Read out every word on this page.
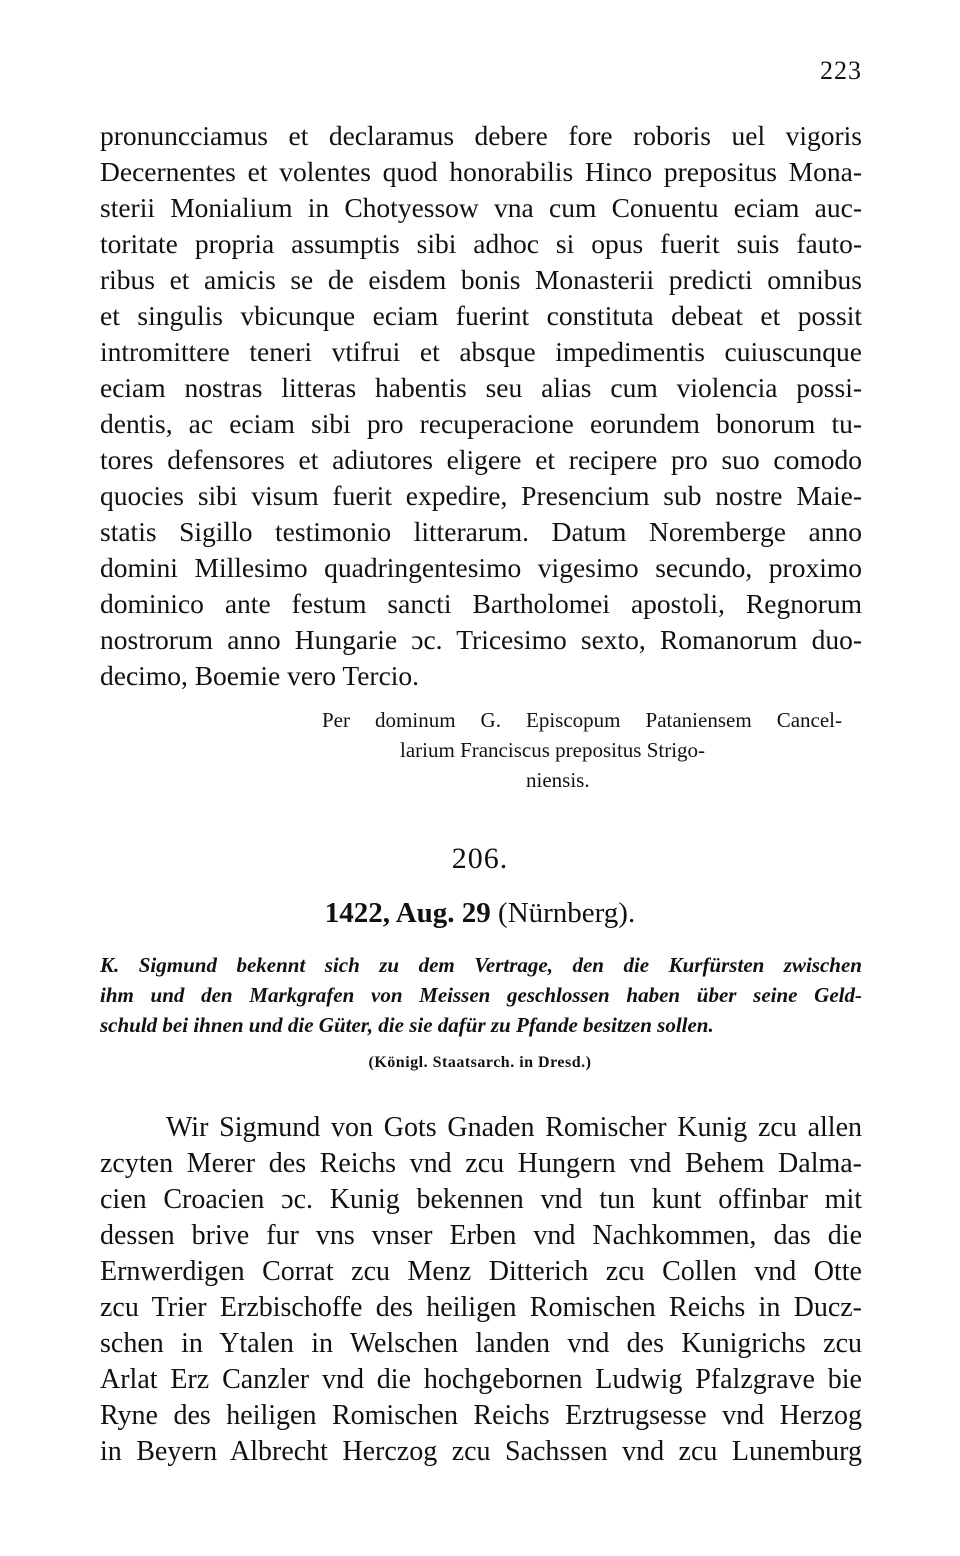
223
pronuncciamus et declaramus debere fore roboris uel vigoris
Decernentes et volentes quod honorabilis Hinco prepositus Mona-
sterii Monialium in Chotyessow vna cum Conuentu eciam auc-
toritate propria assumptis sibi adhoc si opus fuerit suis fauto-
ribus et amicis se de eisdem bonis Monasterii predicti omnibus
et singulis vbicunque eciam fuerint constituta debeat et possit
intromittere teneri vtifrui et absque impedimentis cuiuscunque
eciam nostras litteras habentis seu alias cum violencia possi-
dentis, ac eciam sibi pro recuperacione eorundem bonorum tu-
tores defensores et adiutores eligere et recipere pro suo comodo
quocies sibi visum fuerit expedire, Presencium sub nostre Maie-
statis Sigillo testimonio litterarum. Datum Noremberge anno
domini Millesimo quadringentesimo vigesimo secundo, proximo
dominico ante festum sancti Bartholomei apostoli, Regnorum
nostrorum anno Hungarie ɔc. Tricesimo sexto, Romanorum duo-
decimo, Boemie vero Tercio.
Per dominum G. Episcopum Pataniensem Cancel-
larium Franciscus prepositus Strigo-
niensis.
206.
1422, Aug. 29 (Nürnberg).
K. Sigmund bekennt sich zu dem Vertrage, den die Kurfürsten zwischen
ihm und den Markgrafen von Meissen geschlossen haben über seine Geld-
schuld bei ihnen und die Güter, die sie dafür zu Pfande besitzen sollen.
(Königl. Staatsarch. in Dresd.)
Wir Sigmund von Gots Gnaden Romischer Kunig zcu allen
zcyten Merer des Reichs vnd zcu Hungern vnd Behem Dalma-
cien Croacien ɔc. Kunig bekennen vnd tun kunt offinbar mit
dessen brive fur vns vnser Erben vnd Nachkommen, das die
Ernwerdigen Corrat zcu Menz Ditterich zcu Collen vnd Otte
zcu Trier Erzbischoffe des heiligen Romischen Reichs in Ducz-
schen in Ytalen in Welschen landen vnd des Kunigrichs zcu
Arlat Erz Canzler vnd die hochgebornen Ludwig Pfalzgrave bie
Ryne des heiligen Romischen Reichs Erztrugsesse vnd Herzog
in Beyern Albrecht Herczog zcu Sachssen vnd zcu Lunemburg
